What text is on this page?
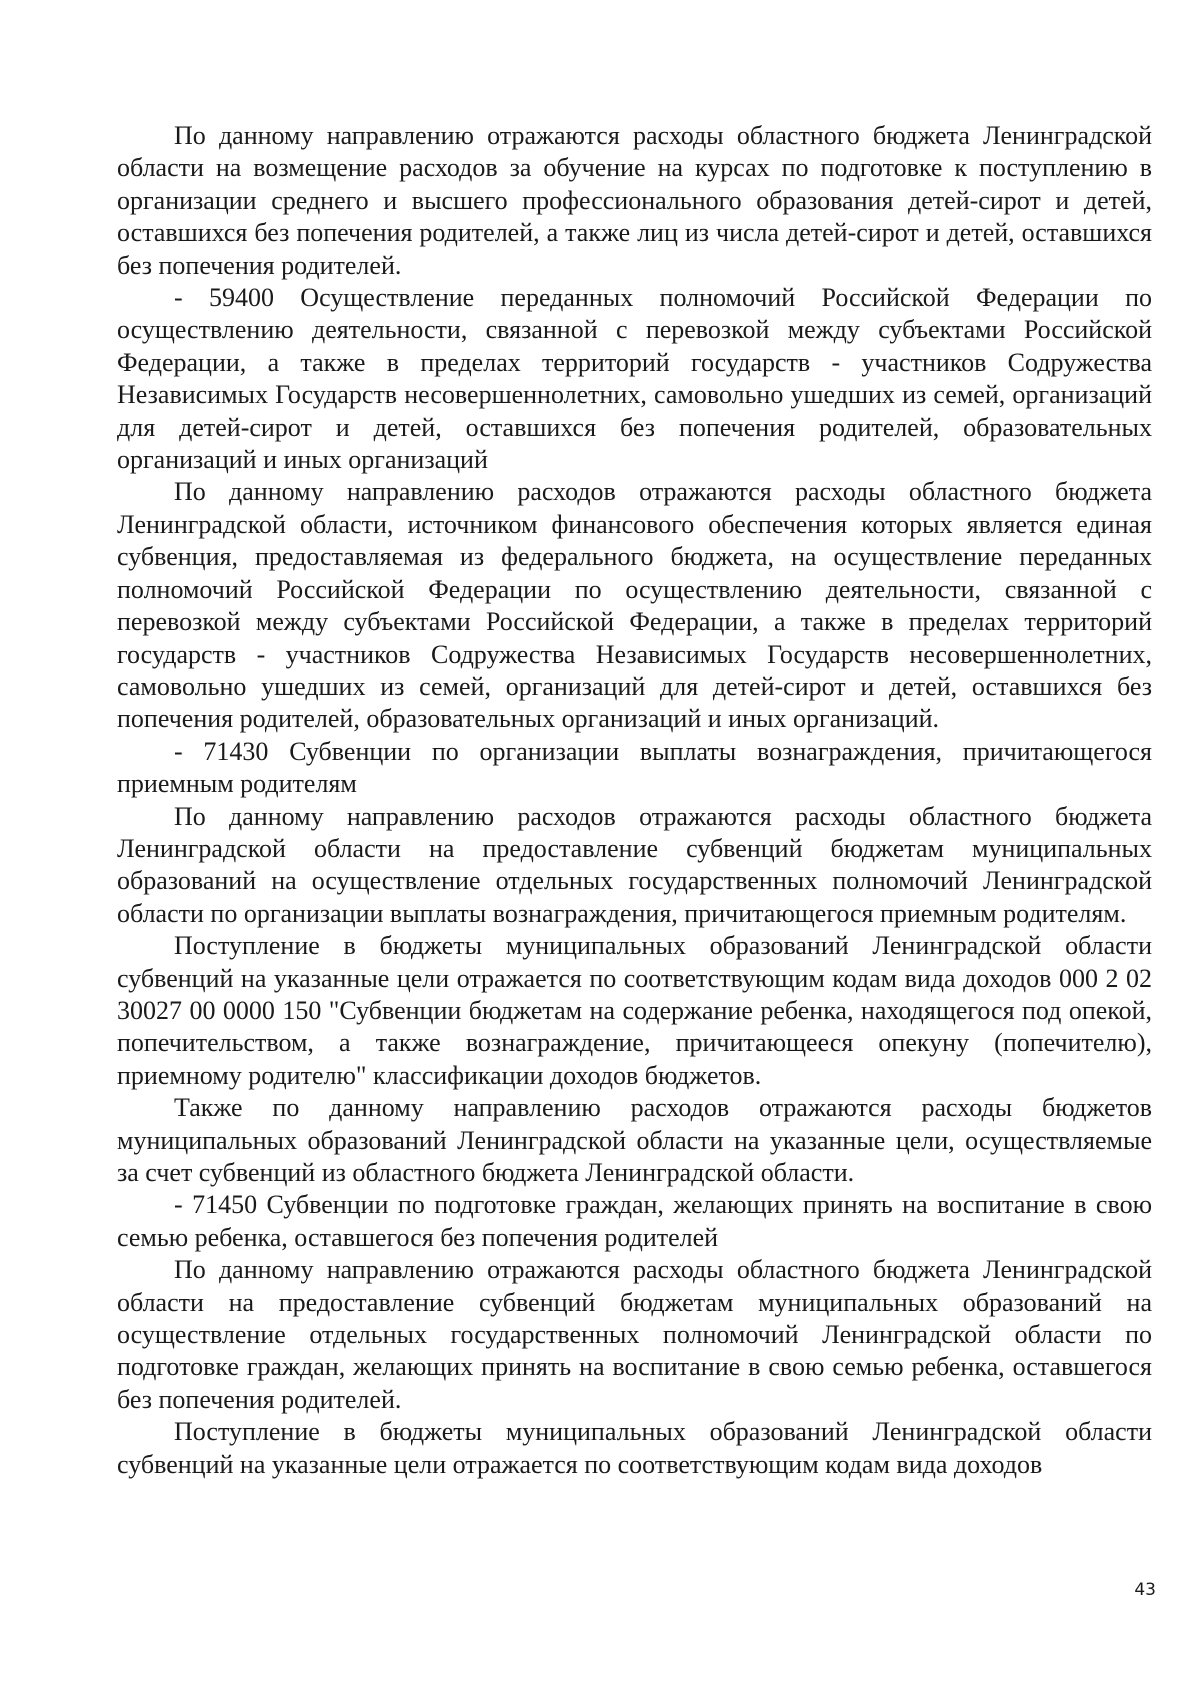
По данному направлению отражаются расходы областного бюджета Ленинградской области на возмещение расходов за обучение на курсах по подготовке к поступлению в организации среднего и высшего профессионального образования детей-сирот и детей, оставшихся без попечения родителей, а также лиц из числа детей-сирот и детей, оставшихся без попечения родителей.

- 59400 Осуществление переданных полномочий Российской Федерации по осуществлению деятельности, связанной с перевозкой между субъектами Российской Федерации, а также в пределах территорий государств - участников Содружества Независимых Государств несовершеннолетних, самовольно ушедших из семей, организаций для детей-сирот и детей, оставшихся без попечения родителей, образовательных организаций и иных организаций

По данному направлению расходов отражаются расходы областного бюджета Ленинградской области, источником финансового обеспечения которых является единая субвенция, предоставляемая из федерального бюджета, на осуществление переданных полномочий Российской Федерации по осуществлению деятельности, связанной с перевозкой между субъектами Российской Федерации, а также в пределах территорий государств - участников Содружества Независимых Государств несовершеннолетних, самовольно ушедших из семей, организаций для детей-сирот и детей, оставшихся без попечения родителей, образовательных организаций и иных организаций.

- 71430 Субвенции по организации выплаты вознаграждения, причитающегося приемным родителям

По данному направлению расходов отражаются расходы областного бюджета Ленинградской области на предоставление субвенций бюджетам муниципальных образований на осуществление отдельных государственных полномочий Ленинградской области по организации выплаты вознаграждения, причитающегося приемным родителям.

Поступление в бюджеты муниципальных образований Ленинградской области субвенций на указанные цели отражается по соответствующим кодам вида доходов 000 2 02 30027 00 0000 150 "Субвенции бюджетам на содержание ребенка, находящегося под опекой, попечительством, а также вознаграждение, причитающееся опекуну (попечителю), приемному родителю" классификации доходов бюджетов.

Также по данному направлению расходов отражаются расходы бюджетов муниципальных образований Ленинградской области на указанные цели, осуществляемые за счет субвенций из областного бюджета Ленинградской области.

- 71450 Субвенции по подготовке граждан, желающих принять на воспитание в свою семью ребенка, оставшегося без попечения родителей

По данному направлению отражаются расходы областного бюджета Ленинградской области на предоставление субвенций бюджетам муниципальных образований на осуществление отдельных государственных полномочий Ленинградской области по подготовке граждан, желающих принять на воспитание в свою семью ребенка, оставшегося без попечения родителей.

Поступление в бюджеты муниципальных образований Ленинградской области субвенций на указанные цели отражается по соответствующим кодам вида доходов

43
